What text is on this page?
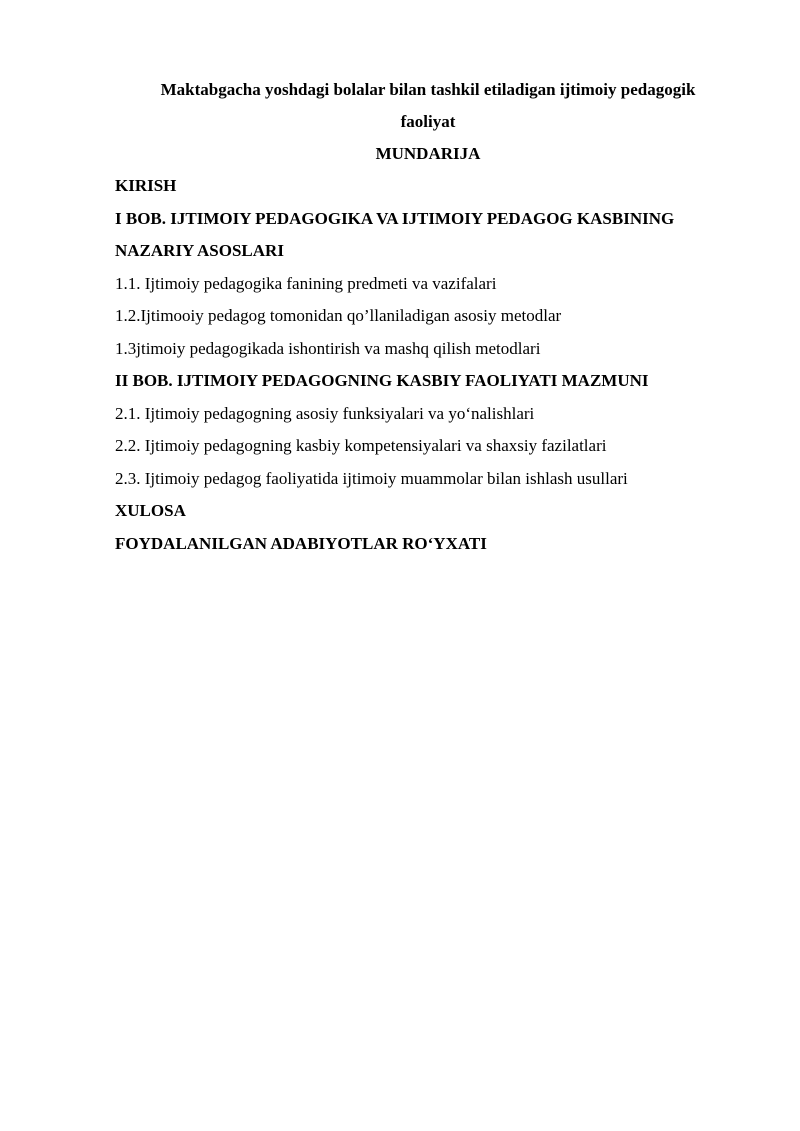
Maktabgacha yoshdagi bolalar bilan tashkil etiladigan ijtimoiy pedagogik
faoliyat
MUNDARIJA
KIRISH
I BOB. IJTIMOIY PEDAGOGIKA VA IJTIMOIY PEDAGOG KASBINING
NAZARIY ASOSLARI
1.1. Ijtimoiy pedagogika fanining predmeti va vazifalari
1.2.Ijtimooiy pedagog tomonidan qo’llaniladigan asosiy metodlar
1.3jtimoiy pedagogikada ishontirish va mashq qilish metodlari
II BOB. IJTIMOIY PEDAGOGNING KASBIY FAOLIYATI MAZMUNI
2.1. Ijtimoiy pedagogning asosiy funksiyalari va yo‘nalishlari
2.2. Ijtimoiy pedagogning kasbiy kompetensiyalari va shaxsiy fazilatlari
2.3. Ijtimoiy pedagog faoliyatida ijtimoiy muammolar bilan ishlash usullari
XULOSA
FOYDALANILGAN ADABIYOTLAR RO‘YXATI
